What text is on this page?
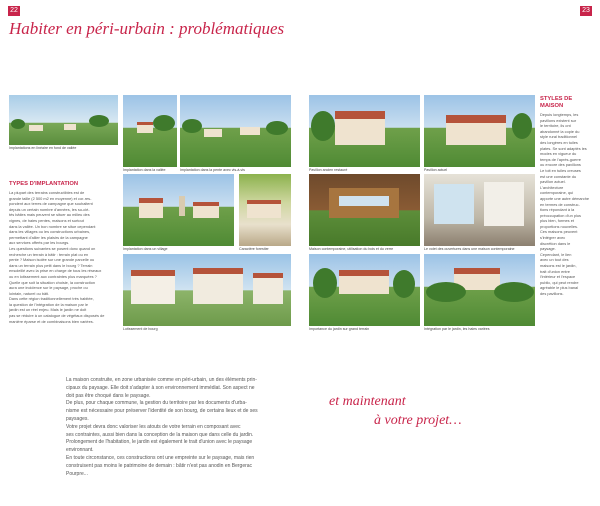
22	23
Habiter en péri-urbain : problématiques
Implantations en linéaire en fond de vallée
Implantation dans la vallée	Implantation dans la pente avec vis-à-vis
Implantation dans un village	Caractère forestier
Lotissement de bourg
TYPES D'IMPLANTATION
La plupart des terrains constructibles est de
grande taille (2 500 m2 en moyenne) et cor-res-
pondent aux terres de campagne que souhaitent
depuis un certain nombre d'années, les so-cié-
tés bâties mais peuvent se situer au milieu des
vignes, de haies pentes, maisons et surtout
dans la vallée. Un bon nombre se situe cependant
dans les villages ou les constructions urbaines,
permettant d'allier les plaisirs de la campagne
aux services offerts par les bourgs.
Les questions suivantes se posent donc quand on
recherche un terrain à bâtir : terrain plat ou en
pente ? Maison isolée sur une grande parcelle ou
dans un terrain plus petit dans le bourg ? Terrain
ensoleillé avec la prise en charge de tous les réseaux
ou en lotissement aux contraintes plus marquées ?
Quelle que soit la situation choisie, la construction
aura une incidence sur le paysage, proche ou
lointain, naturel ou bâti.
Dans cette région traditionnellement très habitée,
la question de l'intégration de la maison par le
jardin est un réel enjeu. Mais le jardin ne doit
pas se réduire à un catalogue de végétaux disposés de
manière éparse et de combinaisons bien variées.
Pavillon ancien restauré	Pavillon actuel
Maison contemporaine, utilisation du bois et du verre	Le volet des ouvertures dans une maison contemporaine
Importance du jardin sur grand terrain	Intégration par le jardin, les haies variées
STYLES DE
MAISON
Depuis longtemps, les
pavillons existent sur
le territoire, ils ont
abandonné la copie du
style rural traditionnel
des longères en tuiles
plates. Se sont adaptés les
modes en vigueur du
temps de l'après-guerre
ou encore des pavillons
Le toit en tuiles creuses
est une constante du
pavillon actuel.
L'architecture
contemporaine, qui
apporte une autre démarche
en termes de construc-
tions répondant à la
préoccupation d'un plus
plus bien, formes et
proportions nouvelles.
Ces maisons peuvent
s'intégrer avec
discrétion dans le
paysage.
Cependant, le lien
avec un tout des
maisons est le jardin,
trait d'union entre
l'intérieur et l'espace
public, qui peut rendre
agréable le plus banal
des pavillons.
La maison construite, en zone urbanisée comme en péri-urbain, un des éléments prin-
cipaux du paysage. Elle doit s'adapter à son environnement immédiat. Son aspect ne
doit pas être choqué dans le paysage.
De plus, pour chaque commune, la gestion du territoire par les documents d'urba-
nisme est nécessaire pour préserver l'identité de son bourg, de certains lieux et de ses
paysages.
Votre projet devra donc valoriser les atouts de votre terrain en composant avec
ses contraintes, aussi bien dans la conception de la maison que dans celle du jardin.
Prolongement de l'habitation, le jardin est également le trait d'union avec le paysage
environnant.
En toute circonstance, ces constructions ont une empreinte sur le paysage, mais rien
construisent pas moins le patrimoine de demain : bâtir n'est pas anodin en Bergerac
Pourpre...
et maintenant
à votre projet…
